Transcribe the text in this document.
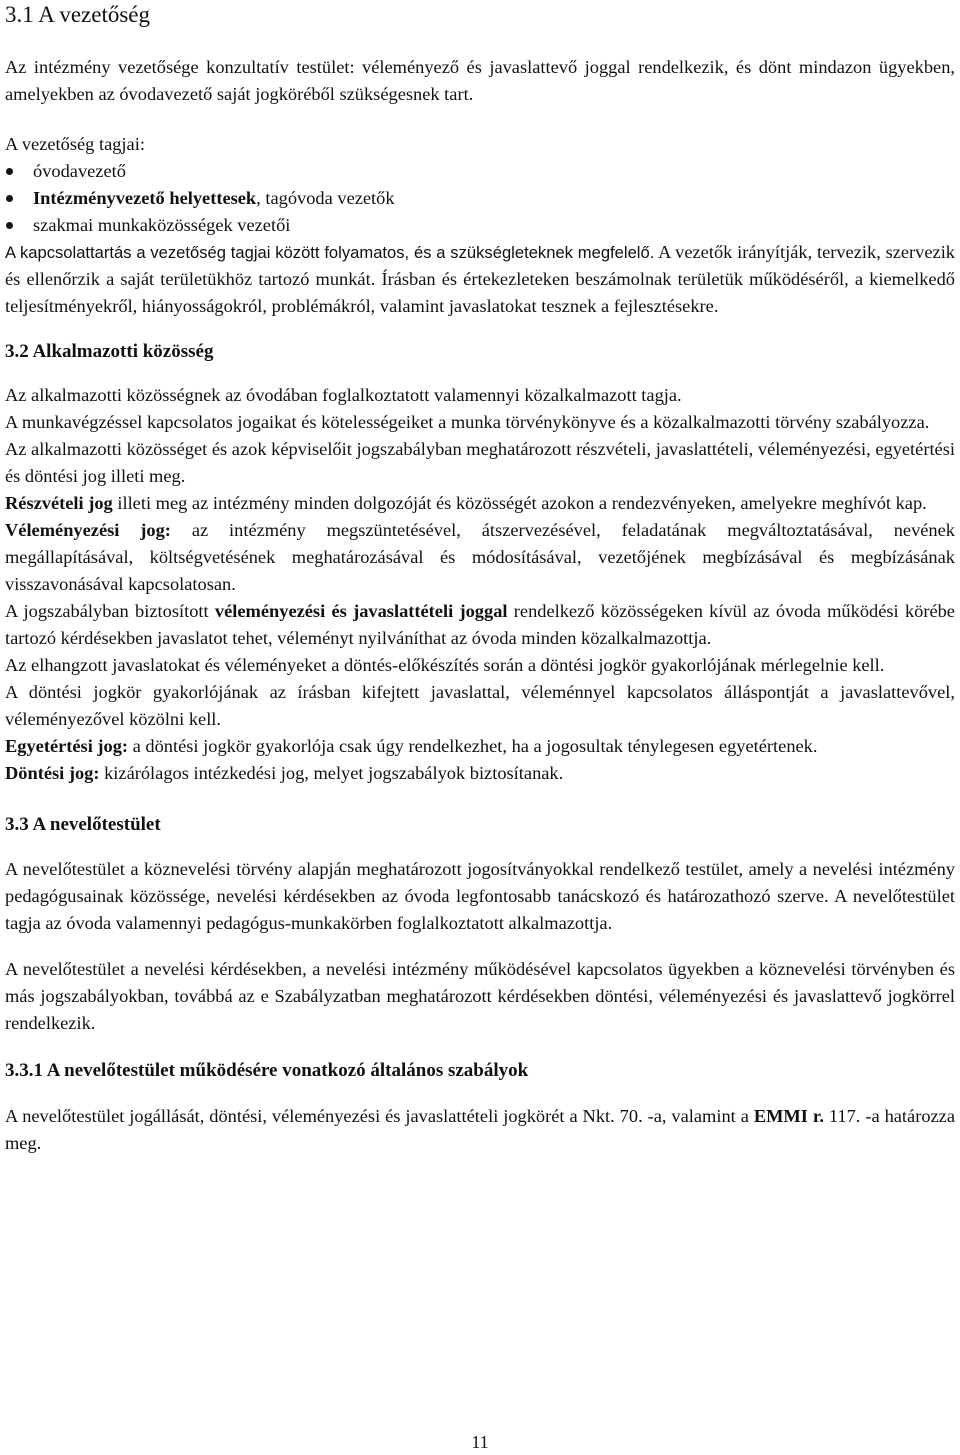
3.1 A vezetőség

Az intézmény vezetősége konzultatív testület: véleményező és javaslattevő joggal rendelkezik, és dönt mindazon ügyekben, amelyekben az óvodavezető saját jogköréből szükségesnek tart.

A vezetőség tagjai:

óvodavezető
Intézményvezető helyettesek, tagóvoda vezetők
szakmai munkaközösségek vezetői

A kapcsolattartás a vezetőség tagjai között folyamatos, és a szükségleteknek megfelelő. A vezetők irányítják, tervezik, szervezik és ellenőrzik a saját területükhöz tartozó munkát. Írásban és értekezleteken beszámolnak területük működéséről, a kiemelkedő teljesítményekről, hiányosságokról, problémákról, valamint javaslatokat tesznek a fejlesztésekre.

3.2 Alkalmazotti közösség

Az alkalmazotti közösségnek az óvodában foglalkoztatott valamennyi közalkalmazott tagja.

A munkavégzéssel kapcsolatos jogaikat és kötelességeiket a munka törvénykönyve és a közalkalmazotti törvény szabályozza.

Az alkalmazotti közösséget és azok képviselőit jogszabályban meghatározott részvételi, javaslattételi, véleményezési, egyetértési és döntési jog illeti meg.

Részvételi jog illeti meg az intézmény minden dolgozóját és közösségét azokon a rendezvényeken, amelyekre meghívót kap.

Véleményezési jog: az intézmény megszüntetésével, átszervezésével, feladatának megváltoztatásával, nevének megállapításával, költségvetésének meghatározásával és módosításával, vezetőjének megbízásával és megbízásának visszavonásával kapcsolatosan.

A jogszabályban biztosított véleményezési és javaslattételi joggal rendelkező közösségeken kívül az óvoda működési körébe tartozó kérdésekben javaslatot tehet, véleményt nyilváníthat az óvoda minden közalkalmazottja.

Az elhangzott javaslatokat és véleményeket a döntés-előkészítés során a döntési jogkör gyakorlójának mérlegelnie kell.

A döntési jogkör gyakorlójának az írásban kifejtett javaslattal, véleménnyel kapcsolatos álláspontját a javaslattevővel, véleményezővel közölni kell.

Egyetértési jog: a döntési jogkör gyakorlója csak úgy rendelkezhet, ha a jogosultak ténylegesen egyetértenek.

Döntési jog: kizárólagos intézkedési jog, melyet jogszabályok biztosítanak.

3.3 A nevelőtestület

A nevelőtestület a köznevelési törvény alapján meghatározott jogosítványokkal rendelkező testület, amely a nevelési intézmény pedagógusainak közössége, nevelési kérdésekben az óvoda legfontosabb tanácskozó és határozathozó szerve. A nevelőtestület tagja az óvoda valamennyi pedagógus-munkakörben foglalkoztatott alkalmazottja.

A nevelőtestület a nevelési kérdésekben, a nevelési intézmény működésével kapcsolatos ügyekben a köznevelési törvényben és más jogszabályokban, továbbá az e Szabályzatban meghatározott kérdésekben döntési, véleményezési és javaslattevő jogkörrel rendelkezik.

3.3.1 A nevelőtestület működésére vonatkozó általános szabályok

A nevelőtestület jogállását, döntési, véleményezési és javaslattételi jogkörét a Nkt. 70. -a, valamint a EMMI r. 117. -a határozza meg.

11
